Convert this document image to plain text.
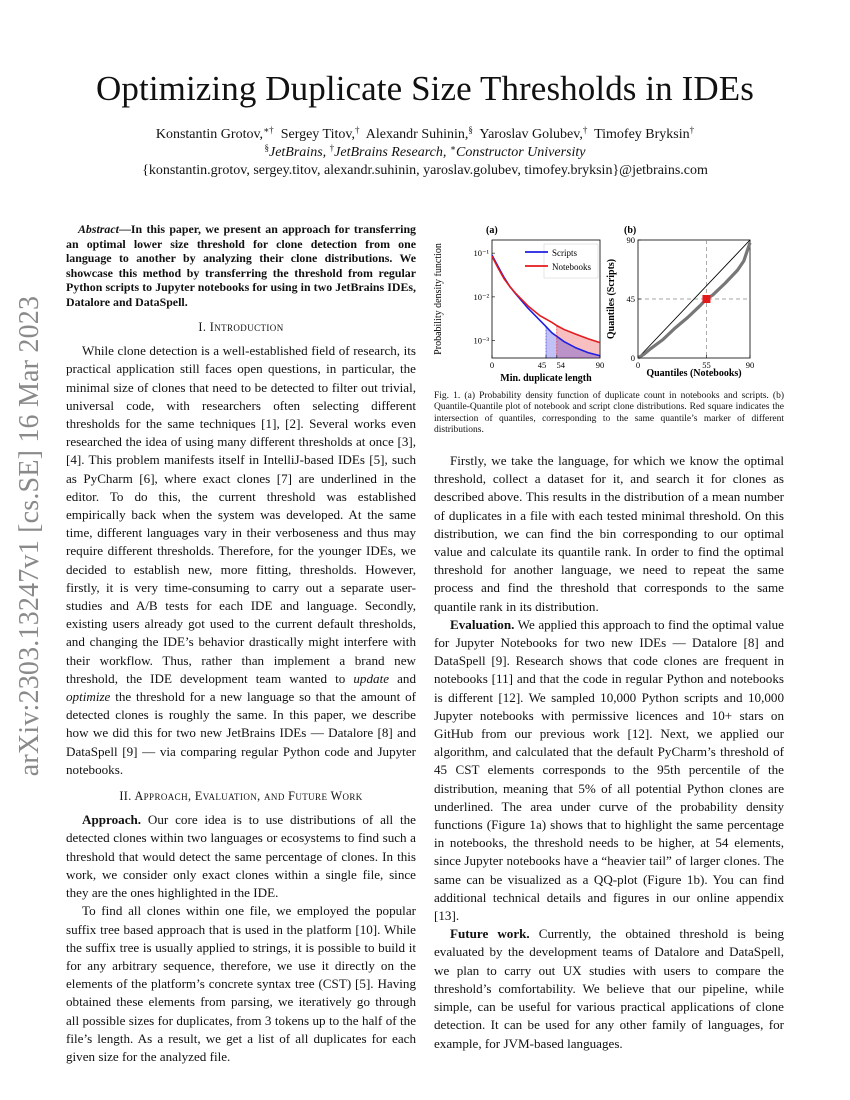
arXiv:2303.13247v1 [cs.SE] 16 Mar 2023
Optimizing Duplicate Size Thresholds in IDEs
Konstantin Grotov,∗† Sergey Titov,† Alexandr Suhinin,§ Yaroslav Golubev,† Timofey Bryksin†
§JetBrains, †JetBrains Research, ∗Constructor University
{konstantin.grotov, sergey.titov, alexandr.suhinin, yaroslav.golubev, timofey.bryksin}@jetbrains.com
Abstract—In this paper, we present an approach for transferring an optimal lower size threshold for clone detection from one language to another by analyzing their clone distributions. We showcase this method by transferring the threshold from regular Python scripts to Jupyter notebooks for using in two JetBrains IDEs, Datalore and DataSpell.
I. Introduction

While clone detection is a well-established field of research, its practical application still faces open questions, in particular, the minimal size of clones that need to be detected to filter out trivial, universal code, with researchers often selecting different thresholds for the same techniques [1], [2]. Several works even researched the idea of using many different thresholds at once [3], [4]. This problem manifests itself in IntelliJ-based IDEs [5], such as PyCharm [6], where exact clones [7] are underlined in the editor. To do this, the current threshold was established empirically back when the system was developed. At the same time, different languages vary in their verboseness and thus may require different thresholds. Therefore, for the younger IDEs, we decided to establish new, more fitting, thresholds. However, firstly, it is very time-consuming to carry out a separate user-studies and A/B tests for each IDE and language. Secondly, existing users already got used to the current default thresholds, and changing the IDE’s behavior drastically might interfere with their workflow. Thus, rather than implement a brand new threshold, the IDE development team wanted to update and optimize the threshold for a new language so that the amount of detected clones is roughly the same. In this paper, we describe how we did this for two new JetBrains IDEs — Datalore [8] and DataSpell [9] — via comparing regular Python code and Jupyter notebooks.

II. Approach, Evaluation, and Future Work

Approach. Our core idea is to use distributions of all the detected clones within two languages or ecosystems to find such a threshold that would detect the same percentage of clones. In this work, we consider only exact clones within a single file, since they are the ones highlighted in the IDE.

To find all clones within one file, we employed the popular suffix tree based approach that is used in the platform [10]. While the suffix tree is usually applied to strings, it is possible to build it for any arbitrary sequence, therefore, we use it directly on the elements of the platform’s concrete syntax tree (CST) [5]. Having obtained these elements from parsing, we iteratively go through all possible sizes for duplicates, from 3 tokens up to the half of the file’s length. As a result, we get a list of all duplicates for each given size for the analyzed file.

(a)
0	45 54	90
10⁻¹
10⁻²
10⁻³
Probability density function
Min. duplicate length
Scripts
Notebooks
(b)
0	55	90
0
45
90
Quantiles (Scripts)
Quantiles (Notebooks)
Fig. 1. (a) Probability density function of duplicate count in notebooks and scripts. (b) Quantile-Quantile plot of notebook and script clone distributions. Red square indicates the intersection of quantiles, corresponding to the same quantile’s marker of different distributions.

Firstly, we take the language, for which we know the optimal threshold, collect a dataset for it, and search it for clones as described above. This results in the distribution of a mean number of duplicates in a file with each tested minimal threshold. On this distribution, we can find the bin corresponding to our optimal value and calculate its quantile rank. In order to find the optimal threshold for another language, we need to repeat the same process and find the threshold that corresponds to the same quantile rank in its distribution.

Evaluation. We applied this approach to find the optimal value for Jupyter Notebooks for two new IDEs — Datalore [8] and DataSpell [9]. Research shows that code clones are frequent in notebooks [11] and that the code in regular Python and notebooks is different [12]. We sampled 10,000 Python scripts and 10,000 Jupyter notebooks with permissive licences and 10+ stars on GitHub from our previous work [12]. Next, we applied our algorithm, and calculated that the default PyCharm’s threshold of 45 CST elements corresponds to the 95th percentile of the distribution, meaning that 5% of all potential Python clones are underlined. The area under curve of the probability density functions (Figure 1a) shows that to highlight the same percentage in notebooks, the threshold needs to be higher, at 54 elements, since Jupyter notebooks have a “heavier tail” of larger clones. The same can be visualized as a QQ-plot (Figure 1b). You can find additional technical details and figures in our online appendix [13].

Future work. Currently, the obtained threshold is being evaluated by the development teams of Datalore and DataSpell, we plan to carry out UX studies with users to compare the threshold’s comfortability. We believe that our pipeline, while simple, can be useful for various practical applications of clone detection. It can be used for any other family of languages, for example, for JVM-based languages.
